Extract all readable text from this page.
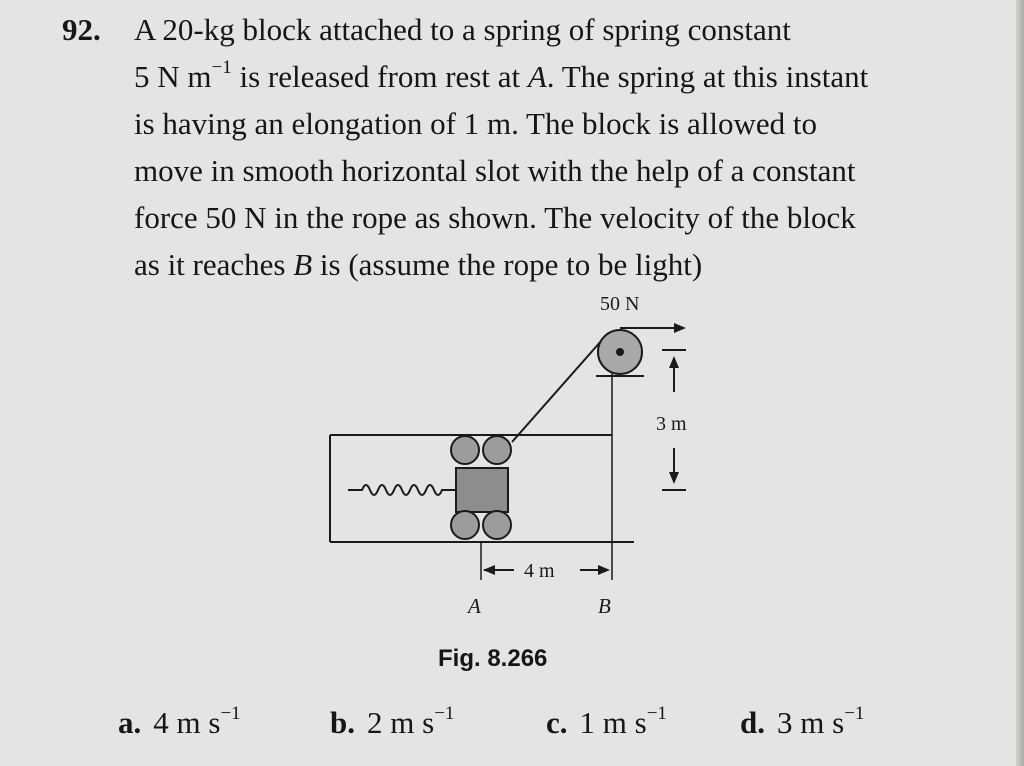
92. A 20-kg block attached to a spring of spring constant
5 N $m^{-1}$ is released from rest at A. The spring at this instant
is having an elongation of 1 m. The block is allowed to
move in smooth horizontal slot with the help of a constant
force 50 N in the rope as shown. The velocity of the block
as it reaches B is (assume the rope to be light)
50 N
3 m
4 m
A	B
Fig. 8.266
a. 4 m $s^{-1}$	b. 2 m $s^{-1}$	c. 1 m $s^{-1}$ d. 3 m $s^{-1}$
